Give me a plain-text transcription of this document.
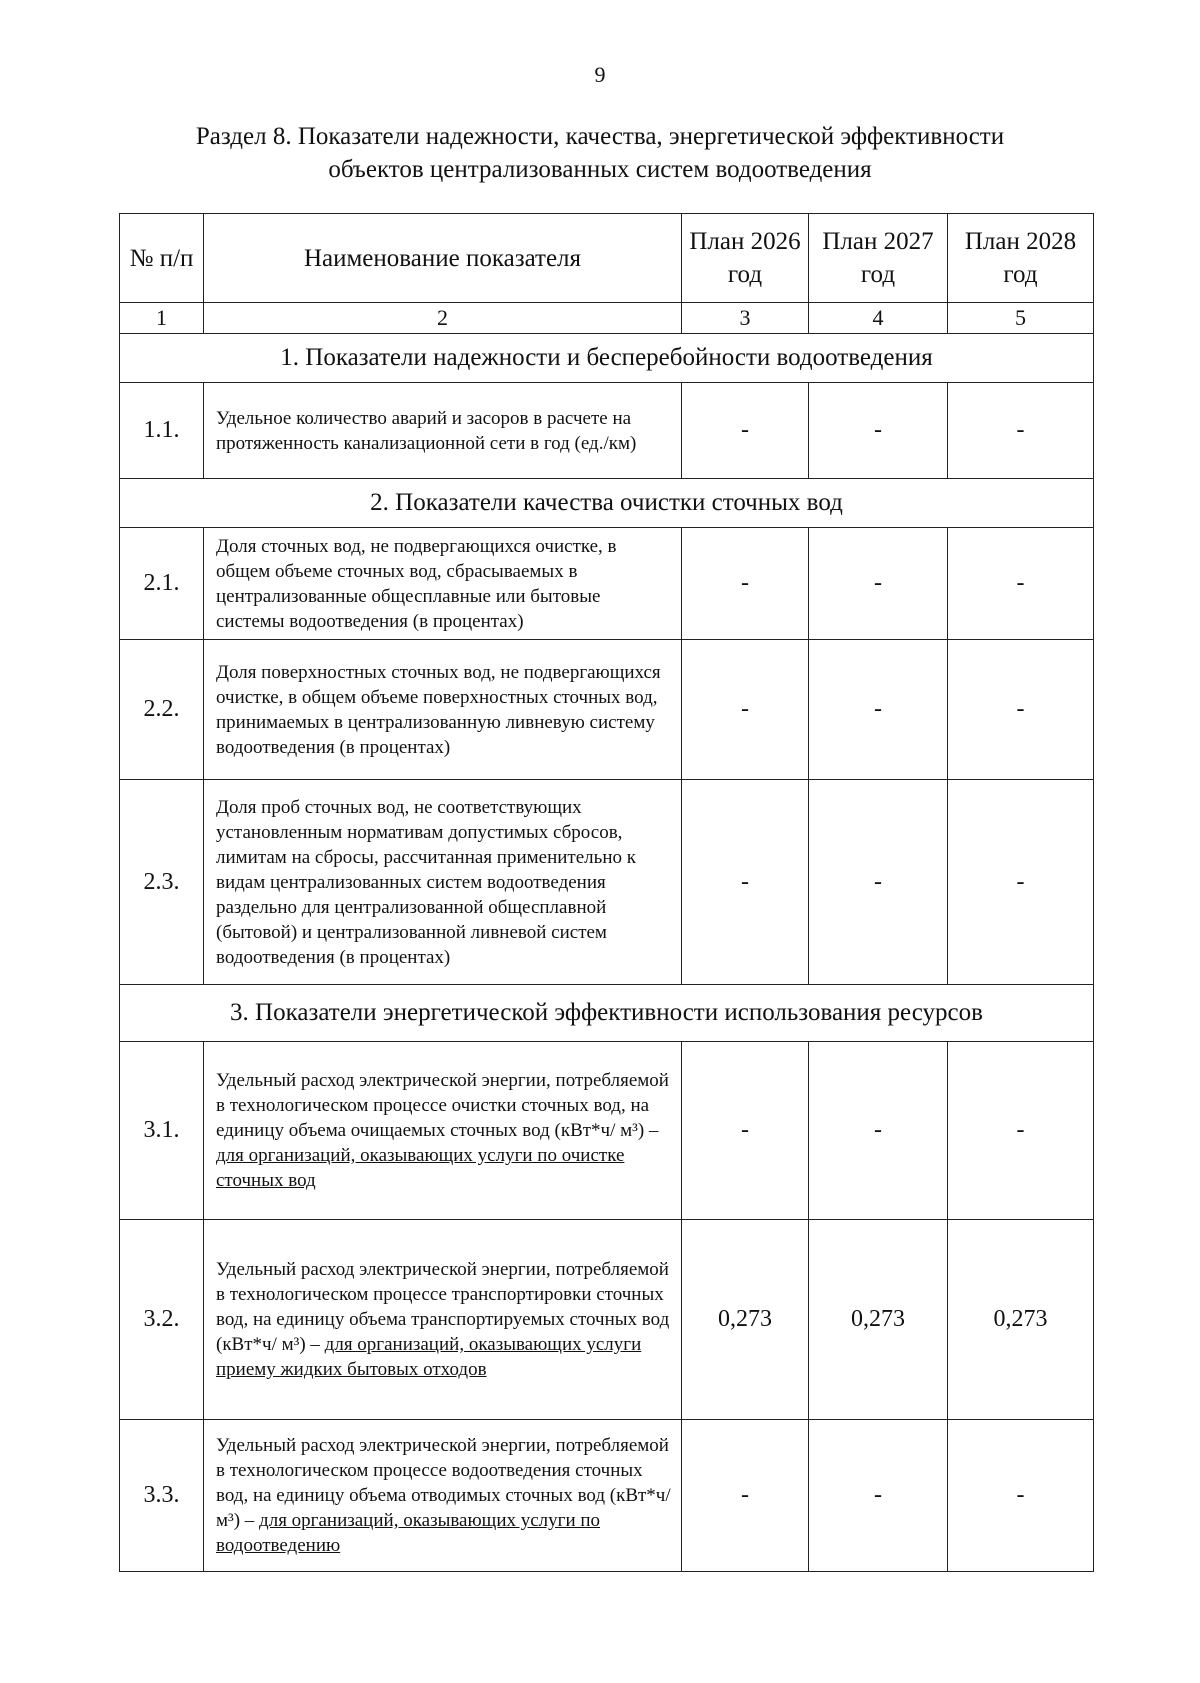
9
Раздел 8. Показатели надежности, качества, энергетической эффективности
объектов централизованных систем водоотведения
№ п/п	Наименование показателя	План 2026 год	План 2027 год	План 2028 год
1	2	3	4	5
1. Показатели надежности и бесперебойности водоотведения				
1.1.	Удельное количество аварий и засоров в расчете на протяженность канализационной сети в год (ед./км)	-	-	-
2. Показатели качества очистки сточных вод				
2.1.	Доля сточных вод, не подвергающихся очистке, в общем объеме сточных вод, сбрасываемых в централизованные общесплавные или бытовые системы водоотведения (в процентах)	-	-	-
2.2.	Доля поверхностных сточных вод, не подвергающихся очистке, в общем объеме поверхностных сточных вод, принимаемых в централизованную ливневую систему водоотведения (в процентах)	-	-	-
2.3.	Доля проб сточных вод, не соответствующих установленным нормативам допустимых сбросов, лимитам на сбросы, рассчитанная применительно к видам централизованных систем водоотведения раздельно для централизованной общесплавной (бытовой) и централизованной ливневой систем водоотведения (в процентах)	-	-	-
3. Показатели энергетической эффективности использования ресурсов				
3.1.	Удельный расход электрической энергии, потребляемой в технологическом процессе очистки сточных вод, на единицу объема очищаемых сточных вод (кВт*ч/ м³) – для организаций, оказывающих услуги по очистке сточных вод	-	-	-
3.2.	Удельный расход электрической энергии, потребляемой в технологическом процессе транспортировки сточных вод, на единицу объема транспортируемых сточных вод (кВт*ч/ м³) – для организаций, оказывающих услуги приему жидких бытовых отходов	0,273	0,273	0,273
3.3.	Удельный расход электрической энергии, потребляемой в технологическом процессе водоотведения сточных вод, на единицу объема отводимых сточных вод (кВт*ч/ м³) – для организаций, оказывающих услуги по водоотведению	-	-	-
